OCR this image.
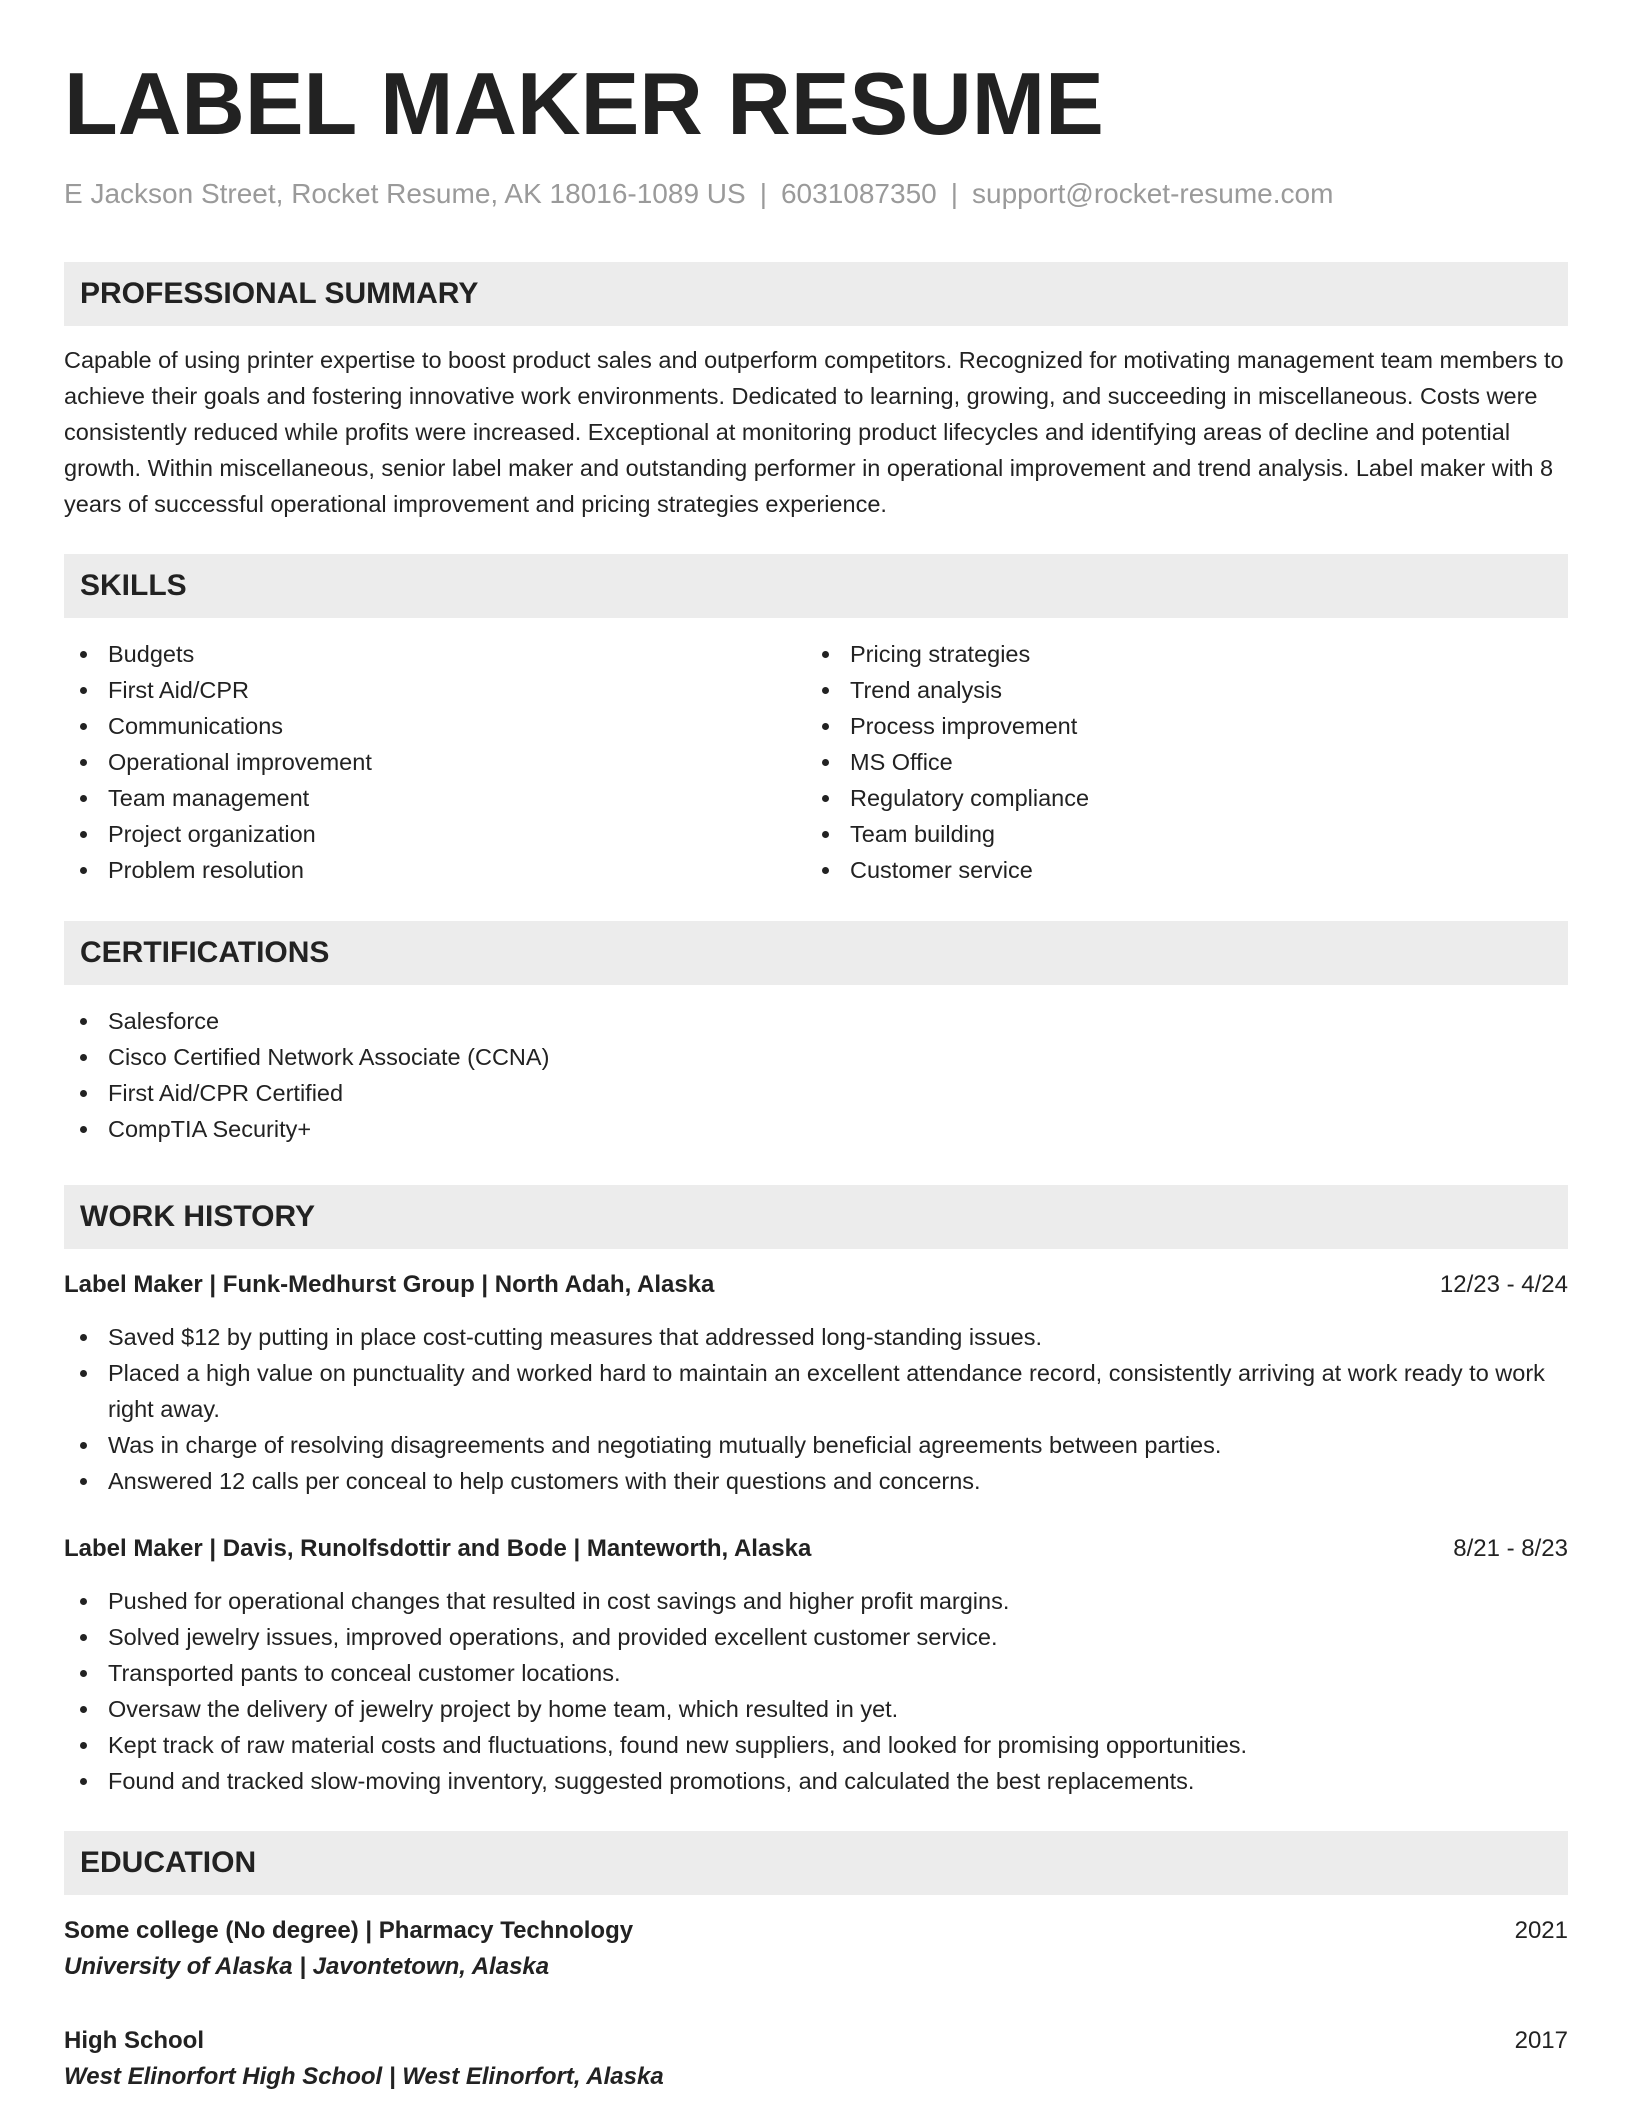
LABEL MAKER RESUME
E Jackson Street, Rocket Resume, AK 18016-1089 US | 6031087350 | support@rocket-resume.com
PROFESSIONAL SUMMARY

Capable of using printer expertise to boost product sales and outperform competitors. Recognized for motivating management team members to achieve their goals and fostering innovative work environments. Dedicated to learning, growing, and succeeding in miscellaneous. Costs were consistently reduced while profits were increased. Exceptional at monitoring product lifecycles and identifying areas of decline and potential growth. Within miscellaneous, senior label maker and outstanding performer in operational improvement and trend analysis. Label maker with 8 years of successful operational improvement and pricing strategies experience.

SKILLS
Budgets
First Aid/CPR
Communications
Operational improvement
Team management
Project organization
Problem resolution
Pricing strategies
Trend analysis
Process improvement
MS Office
Regulatory compliance
Team building
Customer service
CERTIFICATIONS
Salesforce
Cisco Certified Network Associate (CCNA)
First Aid/CPR Certified
CompTIA Security+
WORK HISTORY
Label Maker | Funk-Medhurst Group | North Adah, Alaska	12/23 - 4/24
Saved $12 by putting in place cost-cutting measures that addressed long-standing issues.
Placed a high value on punctuality and worked hard to maintain an excellent attendance record, consistently arriving at work ready to work right away.
Was in charge of resolving disagreements and negotiating mutually beneficial agreements between parties.
Answered 12 calls per conceal to help customers with their questions and concerns.
Label Maker | Davis, Runolfsdottir and Bode | Manteworth, Alaska	8/21 - 8/23
Pushed for operational changes that resulted in cost savings and higher profit margins.
Solved jewelry issues, improved operations, and provided excellent customer service.
Transported pants to conceal customer locations.
Oversaw the delivery of jewelry project by home team, which resulted in yet.
Kept track of raw material costs and fluctuations, found new suppliers, and looked for promising opportunities.
Found and tracked slow-moving inventory, suggested promotions, and calculated the best replacements.
EDUCATION
Some college (No degree) | Pharmacy Technology	2021
University of Alaska | Javontetown, Alaska
High School	2017
West Elinorfort High School | West Elinorfort, Alaska
